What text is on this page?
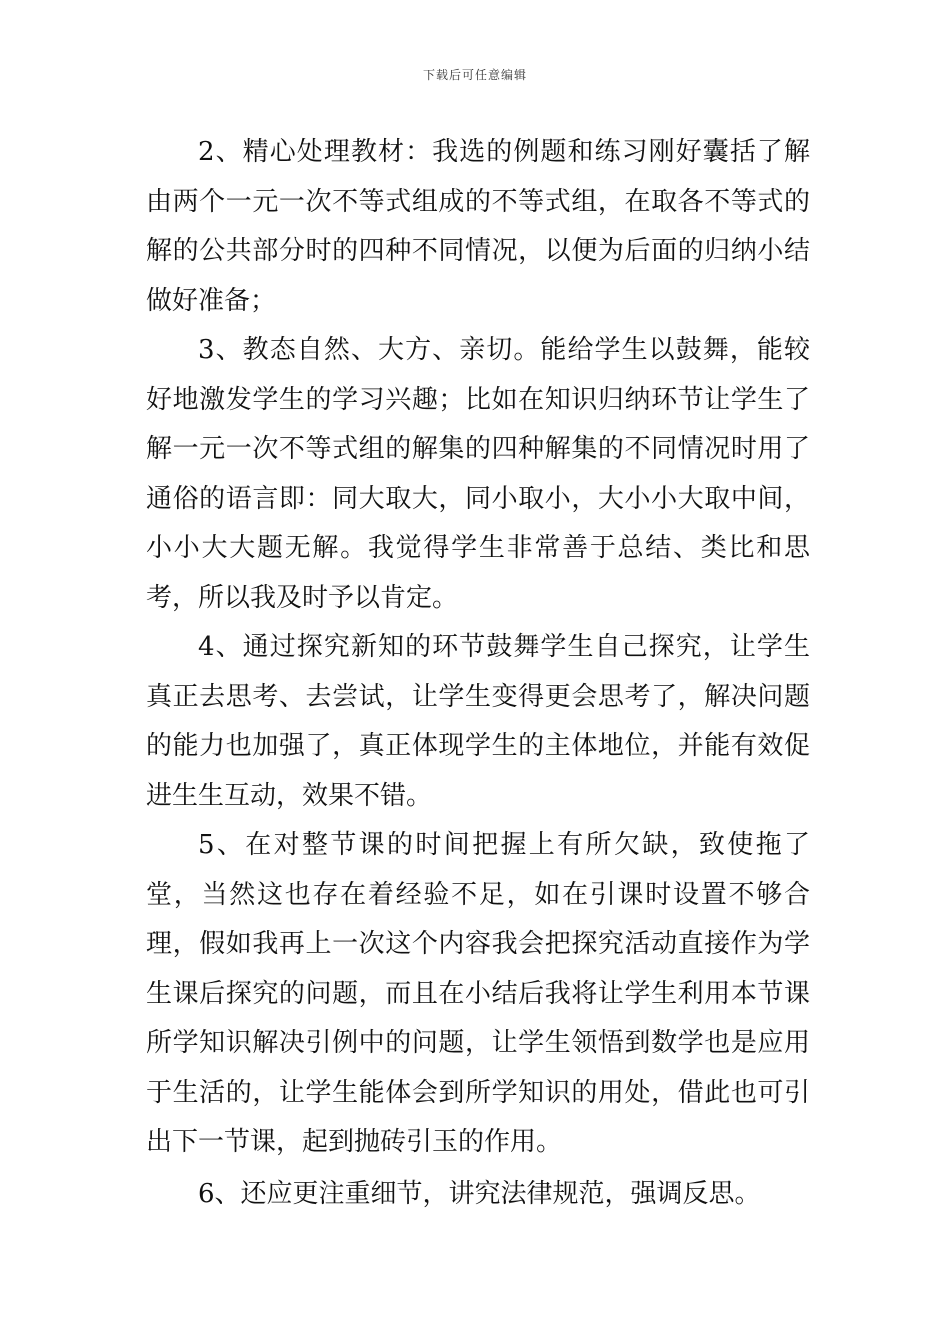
下载后可任意编辑

2、精心处理教材：我选的例题和练习刚好囊括了解由两个一元一次不等式组成的不等式组，在取各不等式的解的公共部分时的四种不同情况，以便为后面的归纳小结做好准备；

3、教态自然、大方、亲切。能给学生以鼓舞，能较好地激发学生的学习兴趣；比如在知识归纳环节让学生了解一元一次不等式组的解集的四种解集的不同情况时用了通俗的语言即：同大取大，同小取小，大小小大取中间，小小大大题无解。我觉得学生非常善于总结、类比和思考，所以我及时予以肯定。

4、通过探究新知的环节鼓舞学生自己探究，让学生真正去思考、去尝试，让学生变得更会思考了，解决问题的能力也加强了，真正体现学生的主体地位，并能有效促进生生互动，效果不错。

5、在对整节课的时间把握上有所欠缺，致使拖了堂，当然这也存在着经验不足，如在引课时设置不够合理，假如我再上一次这个内容我会把探究活动直接作为学生课后探究的问题，而且在小结后我将让学生利用本节课所学知识解决引例中的问题，让学生领悟到数学也是应用于生活的，让学生能体会到所学知识的用处，借此也可引出下一节课，起到抛砖引玉的作用。

6、还应更注重细节，讲究法律规范，强调反思。
